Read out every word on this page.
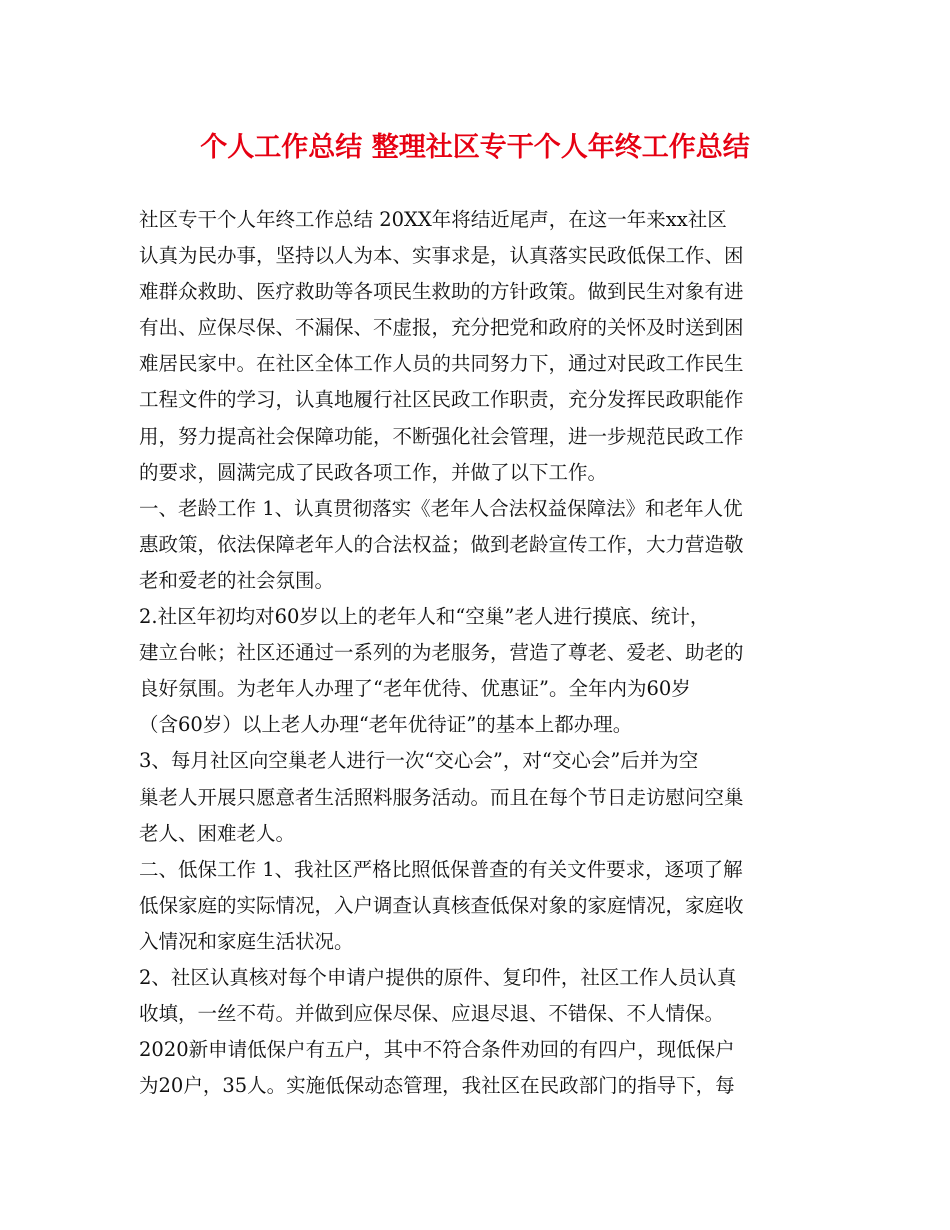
个人工作总结 整理社区专干个人年终工作总结
社区专干个人年终工作总结 20XX年将结近尾声，在这一年来xx社区
认真为民办事，坚持以人为本、实事求是，认真落实民政低保工作、困
难群众救助、医疗救助等各项民生救助的方针政策。做到民生对象有进
有出、应保尽保、不漏保、不虚报，充分把党和政府的关怀及时送到困
难居民家中。在社区全体工作人员的共同努力下，通过对民政工作民生
工程文件的学习，认真地履行社区民政工作职责，充分发挥民政职能作
用，努力提高社会保障功能，不断强化社会管理，进一步规范民政工作
的要求，圆满完成了民政各项工作，并做了以下工作。
一、老龄工作 1、认真贯彻落实《老年人合法权益保障法》和老年人优
惠政策，依法保障老年人的合法权益；做到老龄宣传工作，大力营造敬
老和爱老的社会氛围。
2.社区年初均对60岁以上的老年人和“空巢”老人进行摸底、统计，
建立台帐；社区还通过一系列的为老服务，营造了尊老、爱老、助老的
良好氛围。为老年人办理了“老年优待、优惠证”。全年内为60岁
（含60岁）以上老人办理“老年优待证”的基本上都办理。
3、每月社区向空巢老人进行一次“交心会”，对“交心会”后并为空
巢老人开展只愿意者生活照料服务活动。而且在每个节日走访慰问空巢
老人、困难老人。
二、低保工作 1、我社区严格比照低保普查的有关文件要求，逐项了解
低保家庭的实际情况，入户调查认真核查低保对象的家庭情况，家庭收
入情况和家庭生活状况。
2、社区认真核对每个申请户提供的原件、复印件，社区工作人员认真
收填，一丝不苟。并做到应保尽保、应退尽退、不错保、不人情保。
2020新申请低保户有五户，其中不符合条件劝回的有四户，现低保户
为20户，35人。实施低保动态管理，我社区在民政部门的指导下，每
